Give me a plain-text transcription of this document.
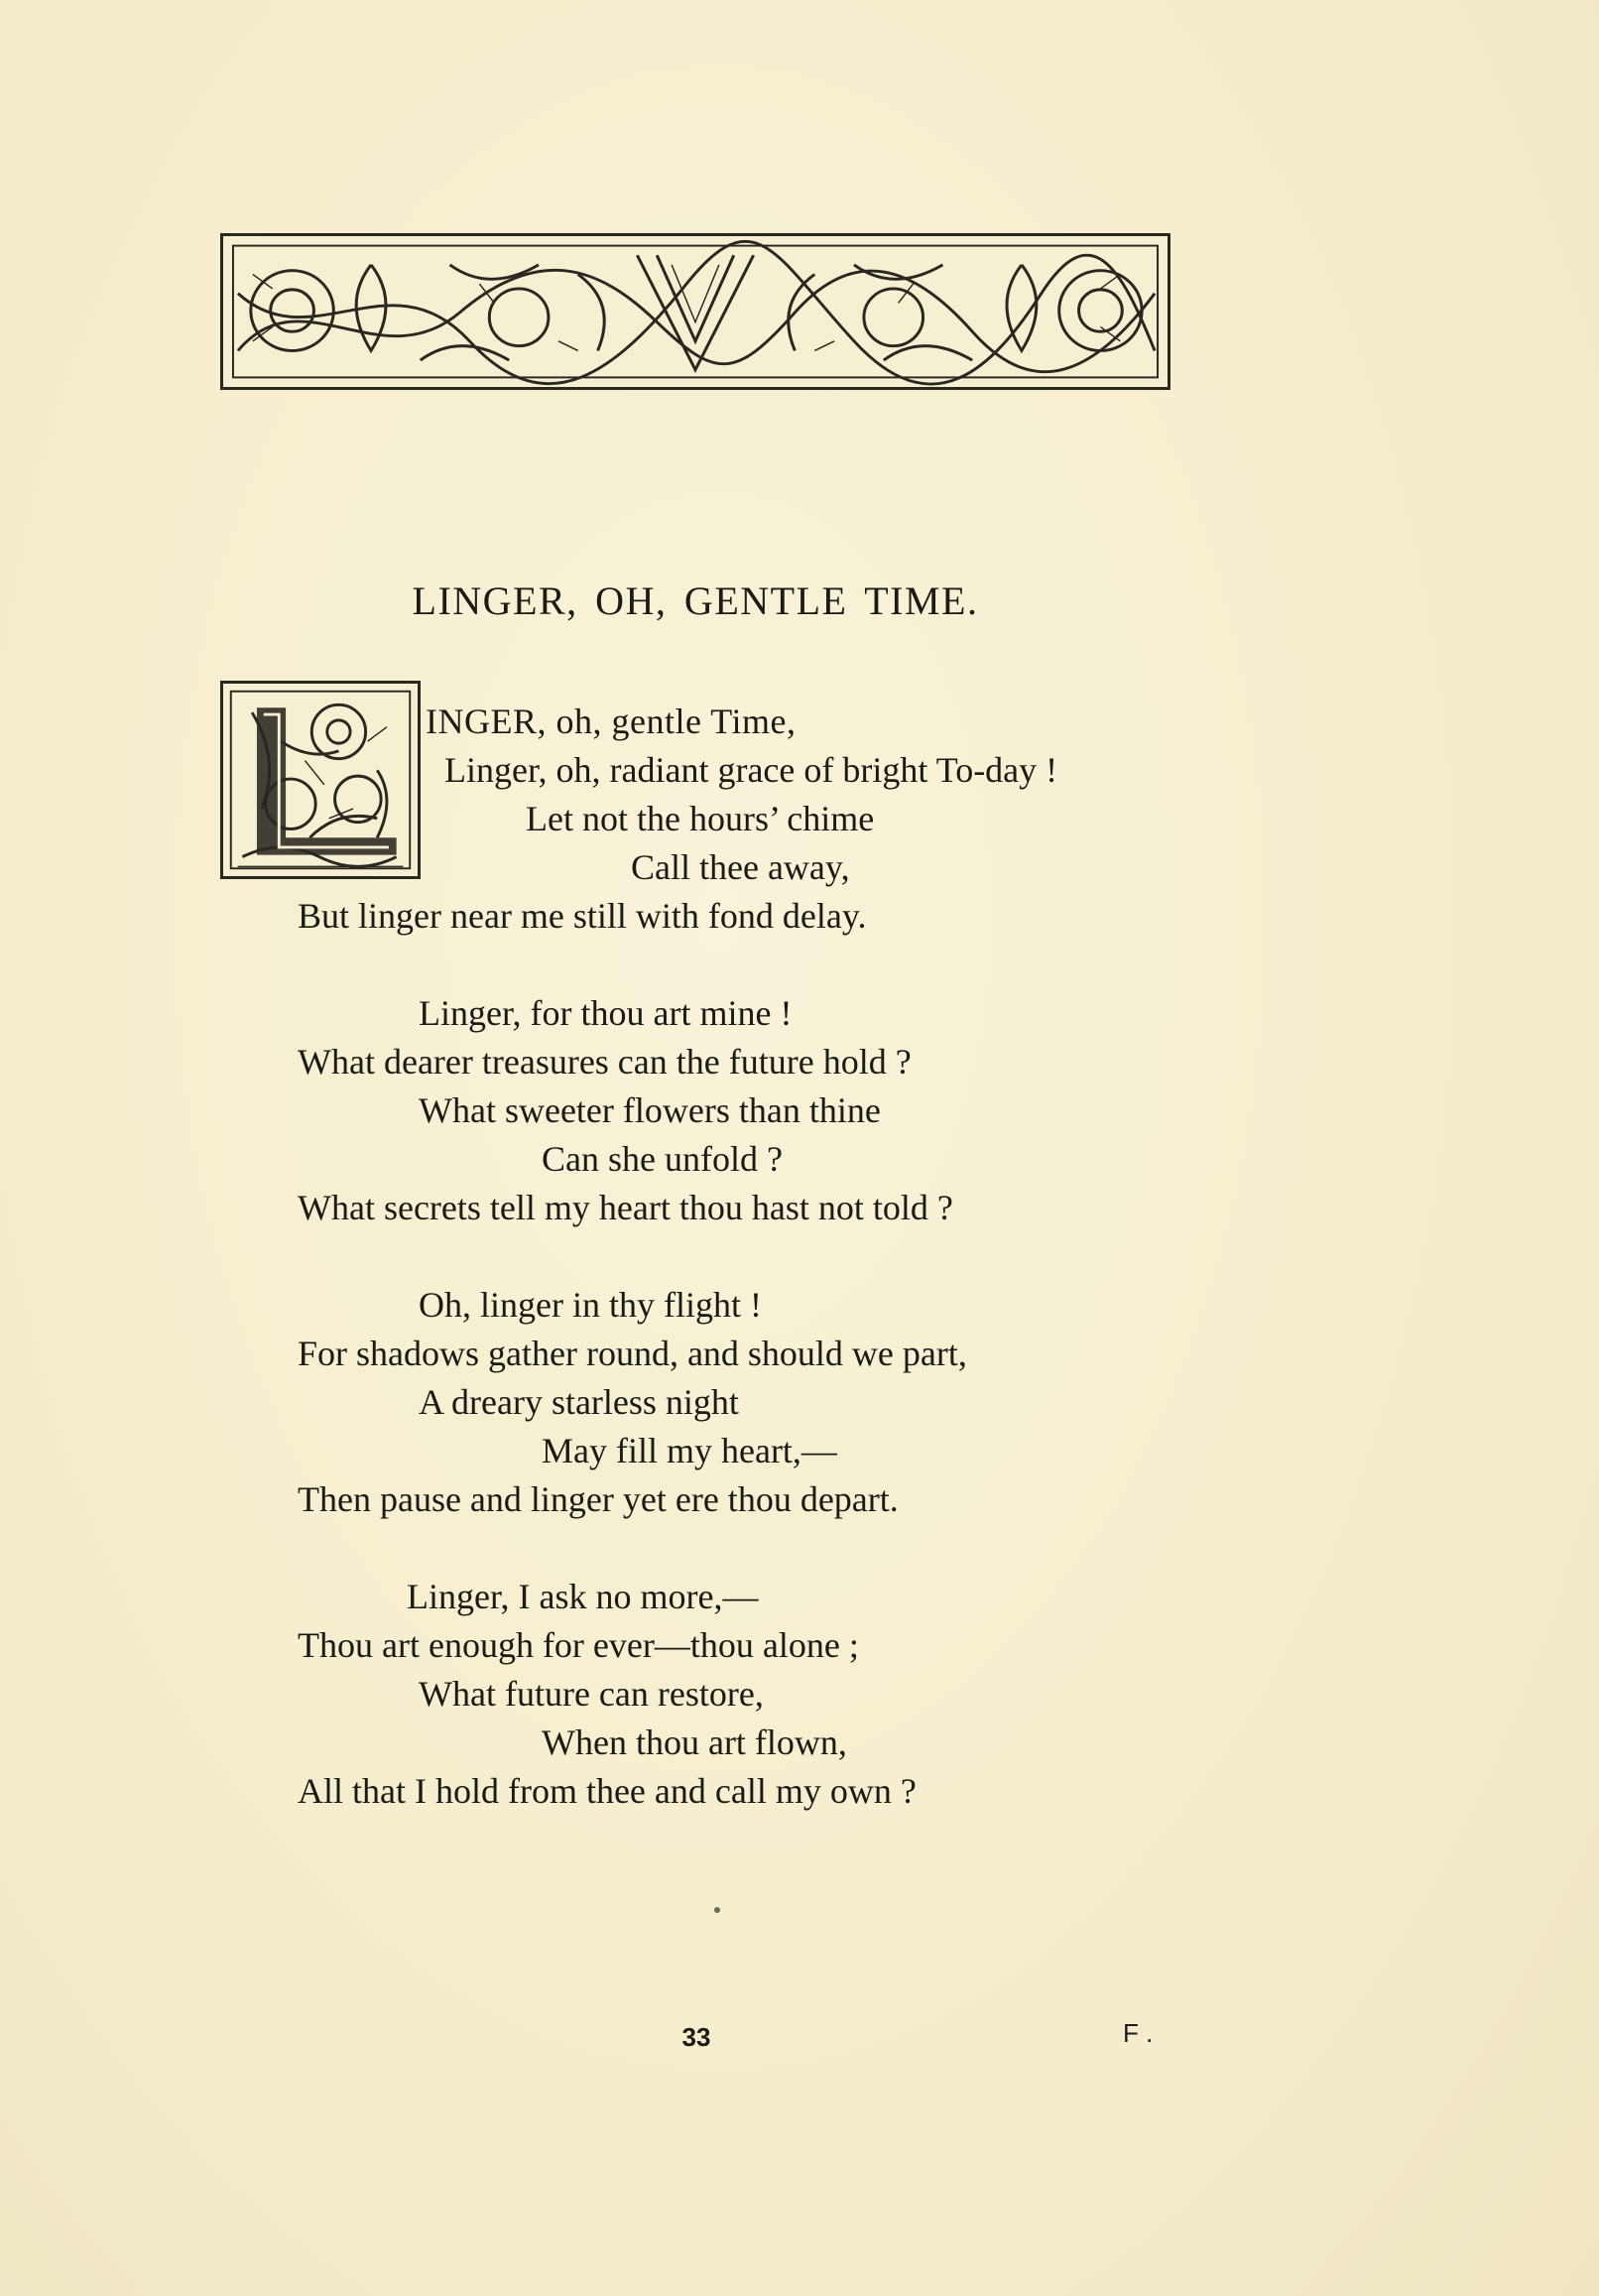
LINGER, OH, GENTLE TIME.
INGER, oh, gentle Time,
Linger, oh, radiant grace of bright To-day !
Let not the hours’ chime
Call thee away,
But linger near me still with fond delay.
Linger, for thou art mine !
What dearer treasures can the future hold ?
What sweeter flowers than thine
Can she unfold ?
What secrets tell my heart thou hast not told ?
Oh, linger in thy flight !
For shadows gather round, and should we part,
A dreary starless night
May fill my heart,—
Then pause and linger yet ere thou depart.
Linger, I ask no more,—
Thou art enough for ever—thou alone ;
What future can restore,
When thou art flown,
All that I hold from thee and call my own ?
33	F .
